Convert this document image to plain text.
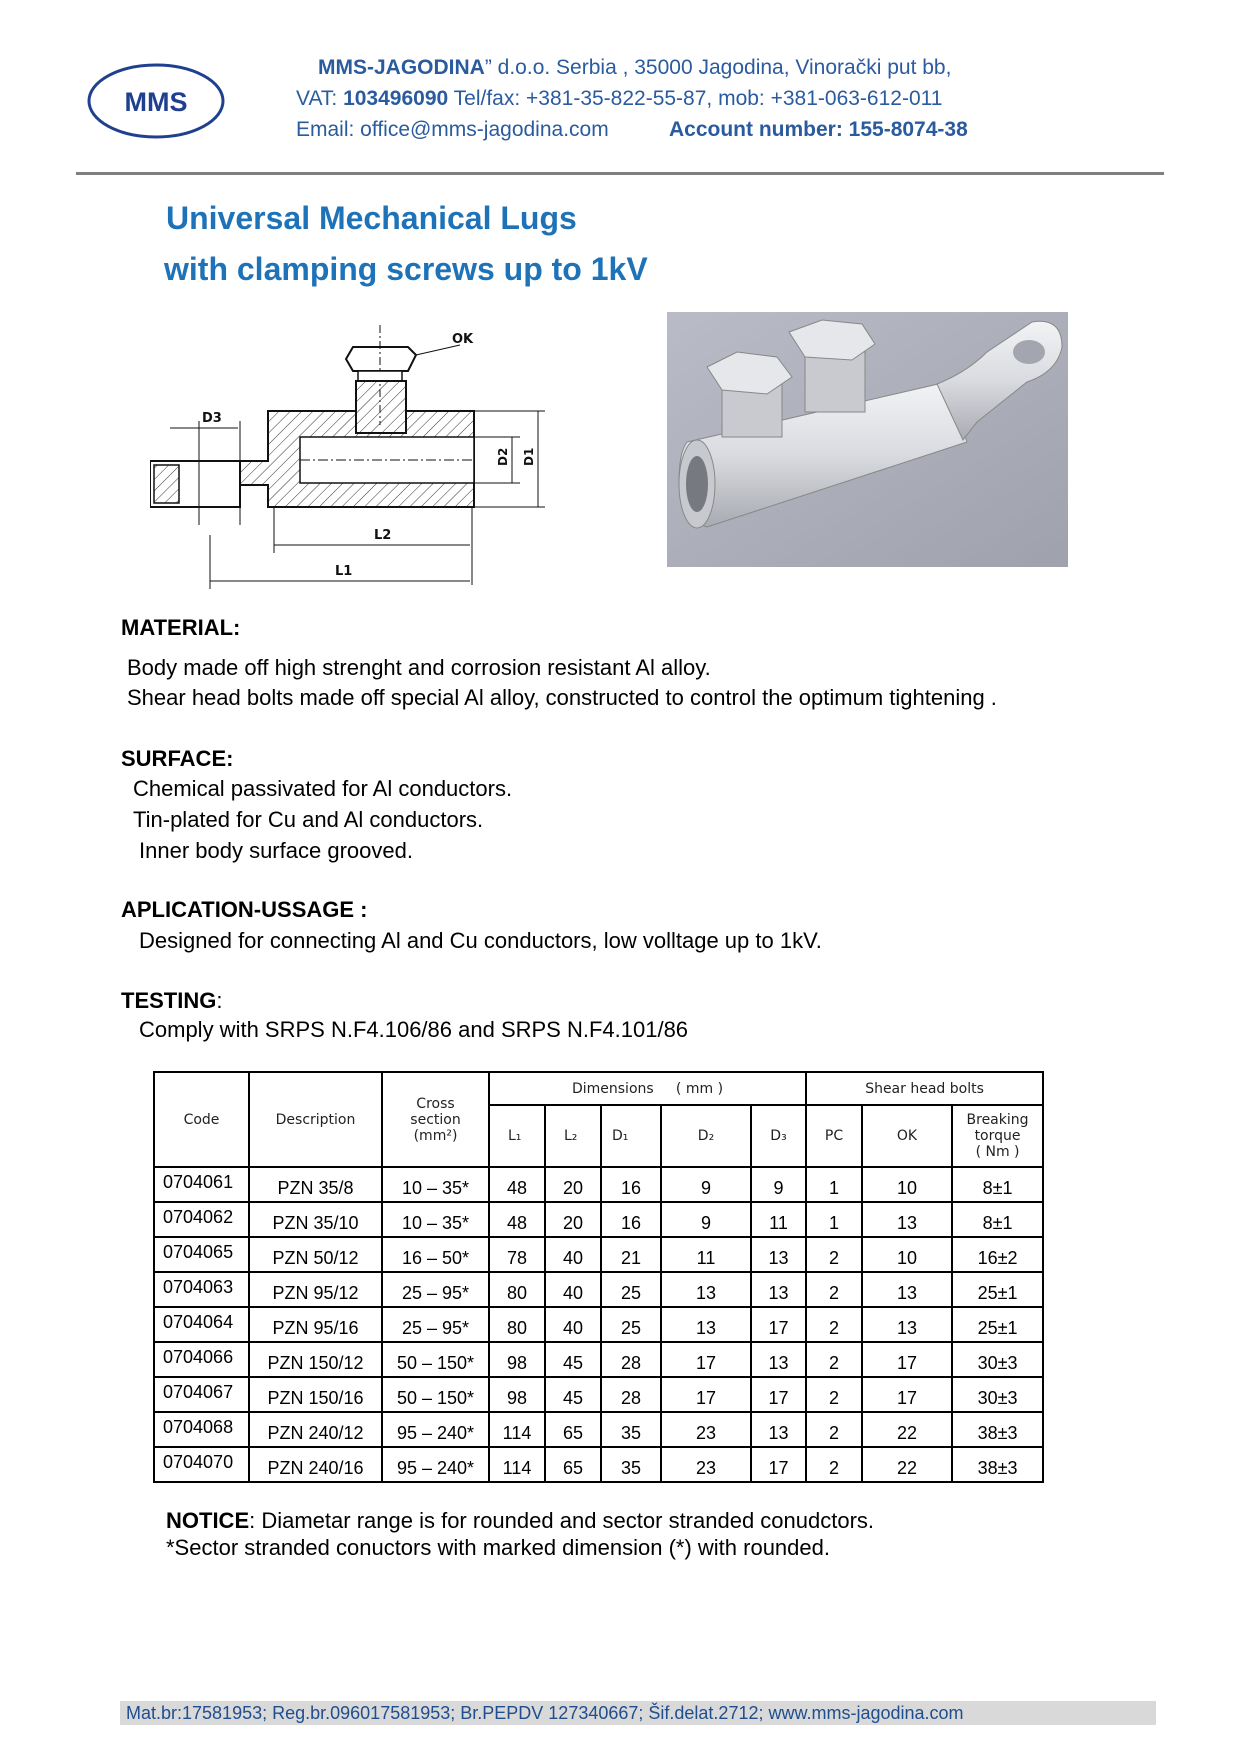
MMS
MMS-JAGODINA” d.o.o. Serbia , 35000 Jagodina, Vinorački put bb,
VAT: 103496090 Tel/fax: +381-35-822-55-87, mob: +381-063-612-011
Email: office@mms-jagodina.com	Account number: 155-8074-38
Universal Mechanical Lugs
with clamping screws up to 1kV
OK
D3
D2 D1
L2
L1
MATERIAL:
Body made off high strenght and corrosion resistant Al alloy.
Shear head bolts made off special Al alloy, constructed to control the optimum tightening .
SURFACE:
Chemical passivated for Al conductors.
Tin-plated for Cu and Al conductors.
Inner body surface grooved.
APLICATION-USSAGE :
Designed for connecting Al and Cu conductors, low volltage up to 1kV.
TESTING:
Comply with SRPS N.F4.106/86 and SRPS N.F4.101/86
Code	Description	Cross
section
(mm²)	Dimensions     ( mm )					Shear head bolts		
			L₁	L₂	D₁	D₂	D₃	PC	OK	Breaking
torque
( Nm )

0704061	PZN 35/8	10 – 35*	48	20	16	9	9	1	10	8±1
0704062	PZN 35/10	10 – 35*	48	20	16	9	11	1	13	8±1
0704065	PZN 50/12	16 – 50*	78	40	21	11	13	2	10	16±2
0704063	PZN 95/12	25 – 95*	80	40	25	13	13	2	13	25±1
0704064	PZN 95/16	25 – 95*	80	40	25	13	17	2	13	25±1
0704066	PZN 150/12	50 – 150*	98	45	28	17	13	2	17	30±3
0704067	PZN 150/16	50 – 150*	98	45	28	17	17	2	17	30±3
0704068	PZN 240/12	95 – 240*	114	65	35	23	13	2	22	38±3
0704070	PZN 240/16	95 – 240*	114	65	35	23	17	2	22	38±3
NOTICE: Diametar range is for rounded and sector stranded conudctors.
*Sector stranded conuctors with marked dimension (*) with rounded.
Mat.br:17581953; Reg.br.096017581953; Br.PEPDV 127340667; Šif.delat.2712; www.mms-jagodina.com
